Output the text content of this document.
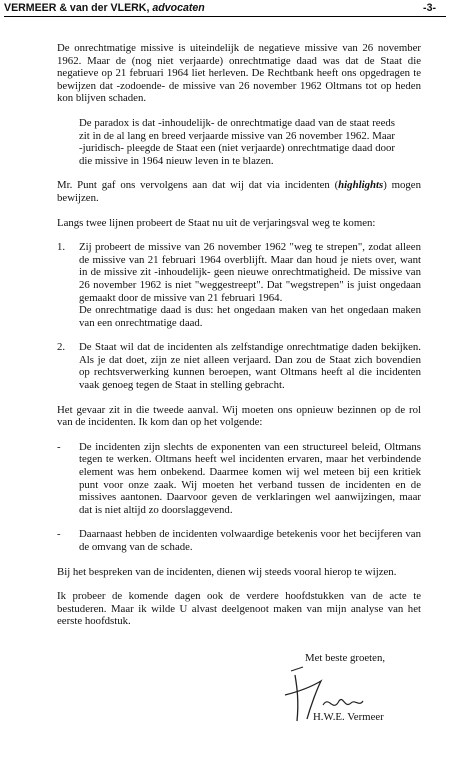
VERMEER & van der VLERK, advocaten	-3-

De onrechtmatige missive is uiteindelijk de negatieve missive van 26 november 1962. Maar de (nog niet verjaarde) onrechtmatige daad was dat de Staat die negatieve op 21 februari 1964 liet herleven. De Rechtbank heeft ons opgedragen te bewijzen dat -zodoende- de missive van 26 november 1962 Oltmans tot op heden kon blijven schaden.

De paradox is dat -inhoudelijk- de onrechtmatige daad van de staat reeds zit in de al lang en breed verjaarde missive van 26 november 1962. Maar -juridisch- pleegde de Staat een (niet verjaarde) onrechtmatige daad door die missive in 1964 nieuw leven in te blazen.

Mr. Punt gaf ons vervolgens aan dat wij dat via incidenten (highlights) mogen bewijzen.

Langs twee lijnen probeert de Staat nu uit de verjaringsval weg te komen:

1. Zij probeert de missive van 26 november 1962 "weg te strepen", zodat alleen de missive van 21 februari 1964 overblijft. Maar dan houd je niets over, want in de missive zit -inhoudelijk- geen nieuwe onrechtmatigheid. De missive van 26 november 1962 is niet "weggestreept". Dat "wegstrepen" is juist ongedaan gemaakt door de missive van 21 februari 1964.
De onrechtmatige daad is dus: het ongedaan maken van het ongedaan maken van een onrechtmatige daad.
2. De Staat wil dat de incidenten als zelfstandige onrechtmatige daden bekijken. Als je dat doet, zijn ze niet alleen verjaard. Dan zou de Staat zich bovendien op rechtsverwerking kunnen beroepen, want Oltmans heeft al die incidenten vaak genoeg tegen de Staat in stelling gebracht.

Het gevaar zit in die tweede aanval. Wij moeten ons opnieuw bezinnen op de rol van de incidenten. Ik kom dan op het volgende:

- De incidenten zijn slechts de exponenten van een structureel beleid, Oltmans tegen te werken. Oltmans heeft wel incidenten ervaren, maar het verbindende element was hem onbekend. Daarmee komen wij wel meteen bij een kritiek punt voor onze zaak. Wij moeten het verband tussen de incidenten en de missives aantonen. Daarvoor geven de verklaringen wel aanwijzingen, maar dat is niet altijd zo doorslaggevend.
- Daarnaast hebben de incidenten volwaardige betekenis voor het becijferen van de omvang van de schade.

Bij het bespreken van de incidenten, dienen wij steeds vooral hierop te wijzen.

Ik probeer de komende dagen ook de verdere hoofdstukken van de acte te bestuderen. Maar ik wilde U alvast deelgenoot maken van mijn analyse van het eerste hoofdstuk.

Met beste groeten,
H.W.E. Vermeer
